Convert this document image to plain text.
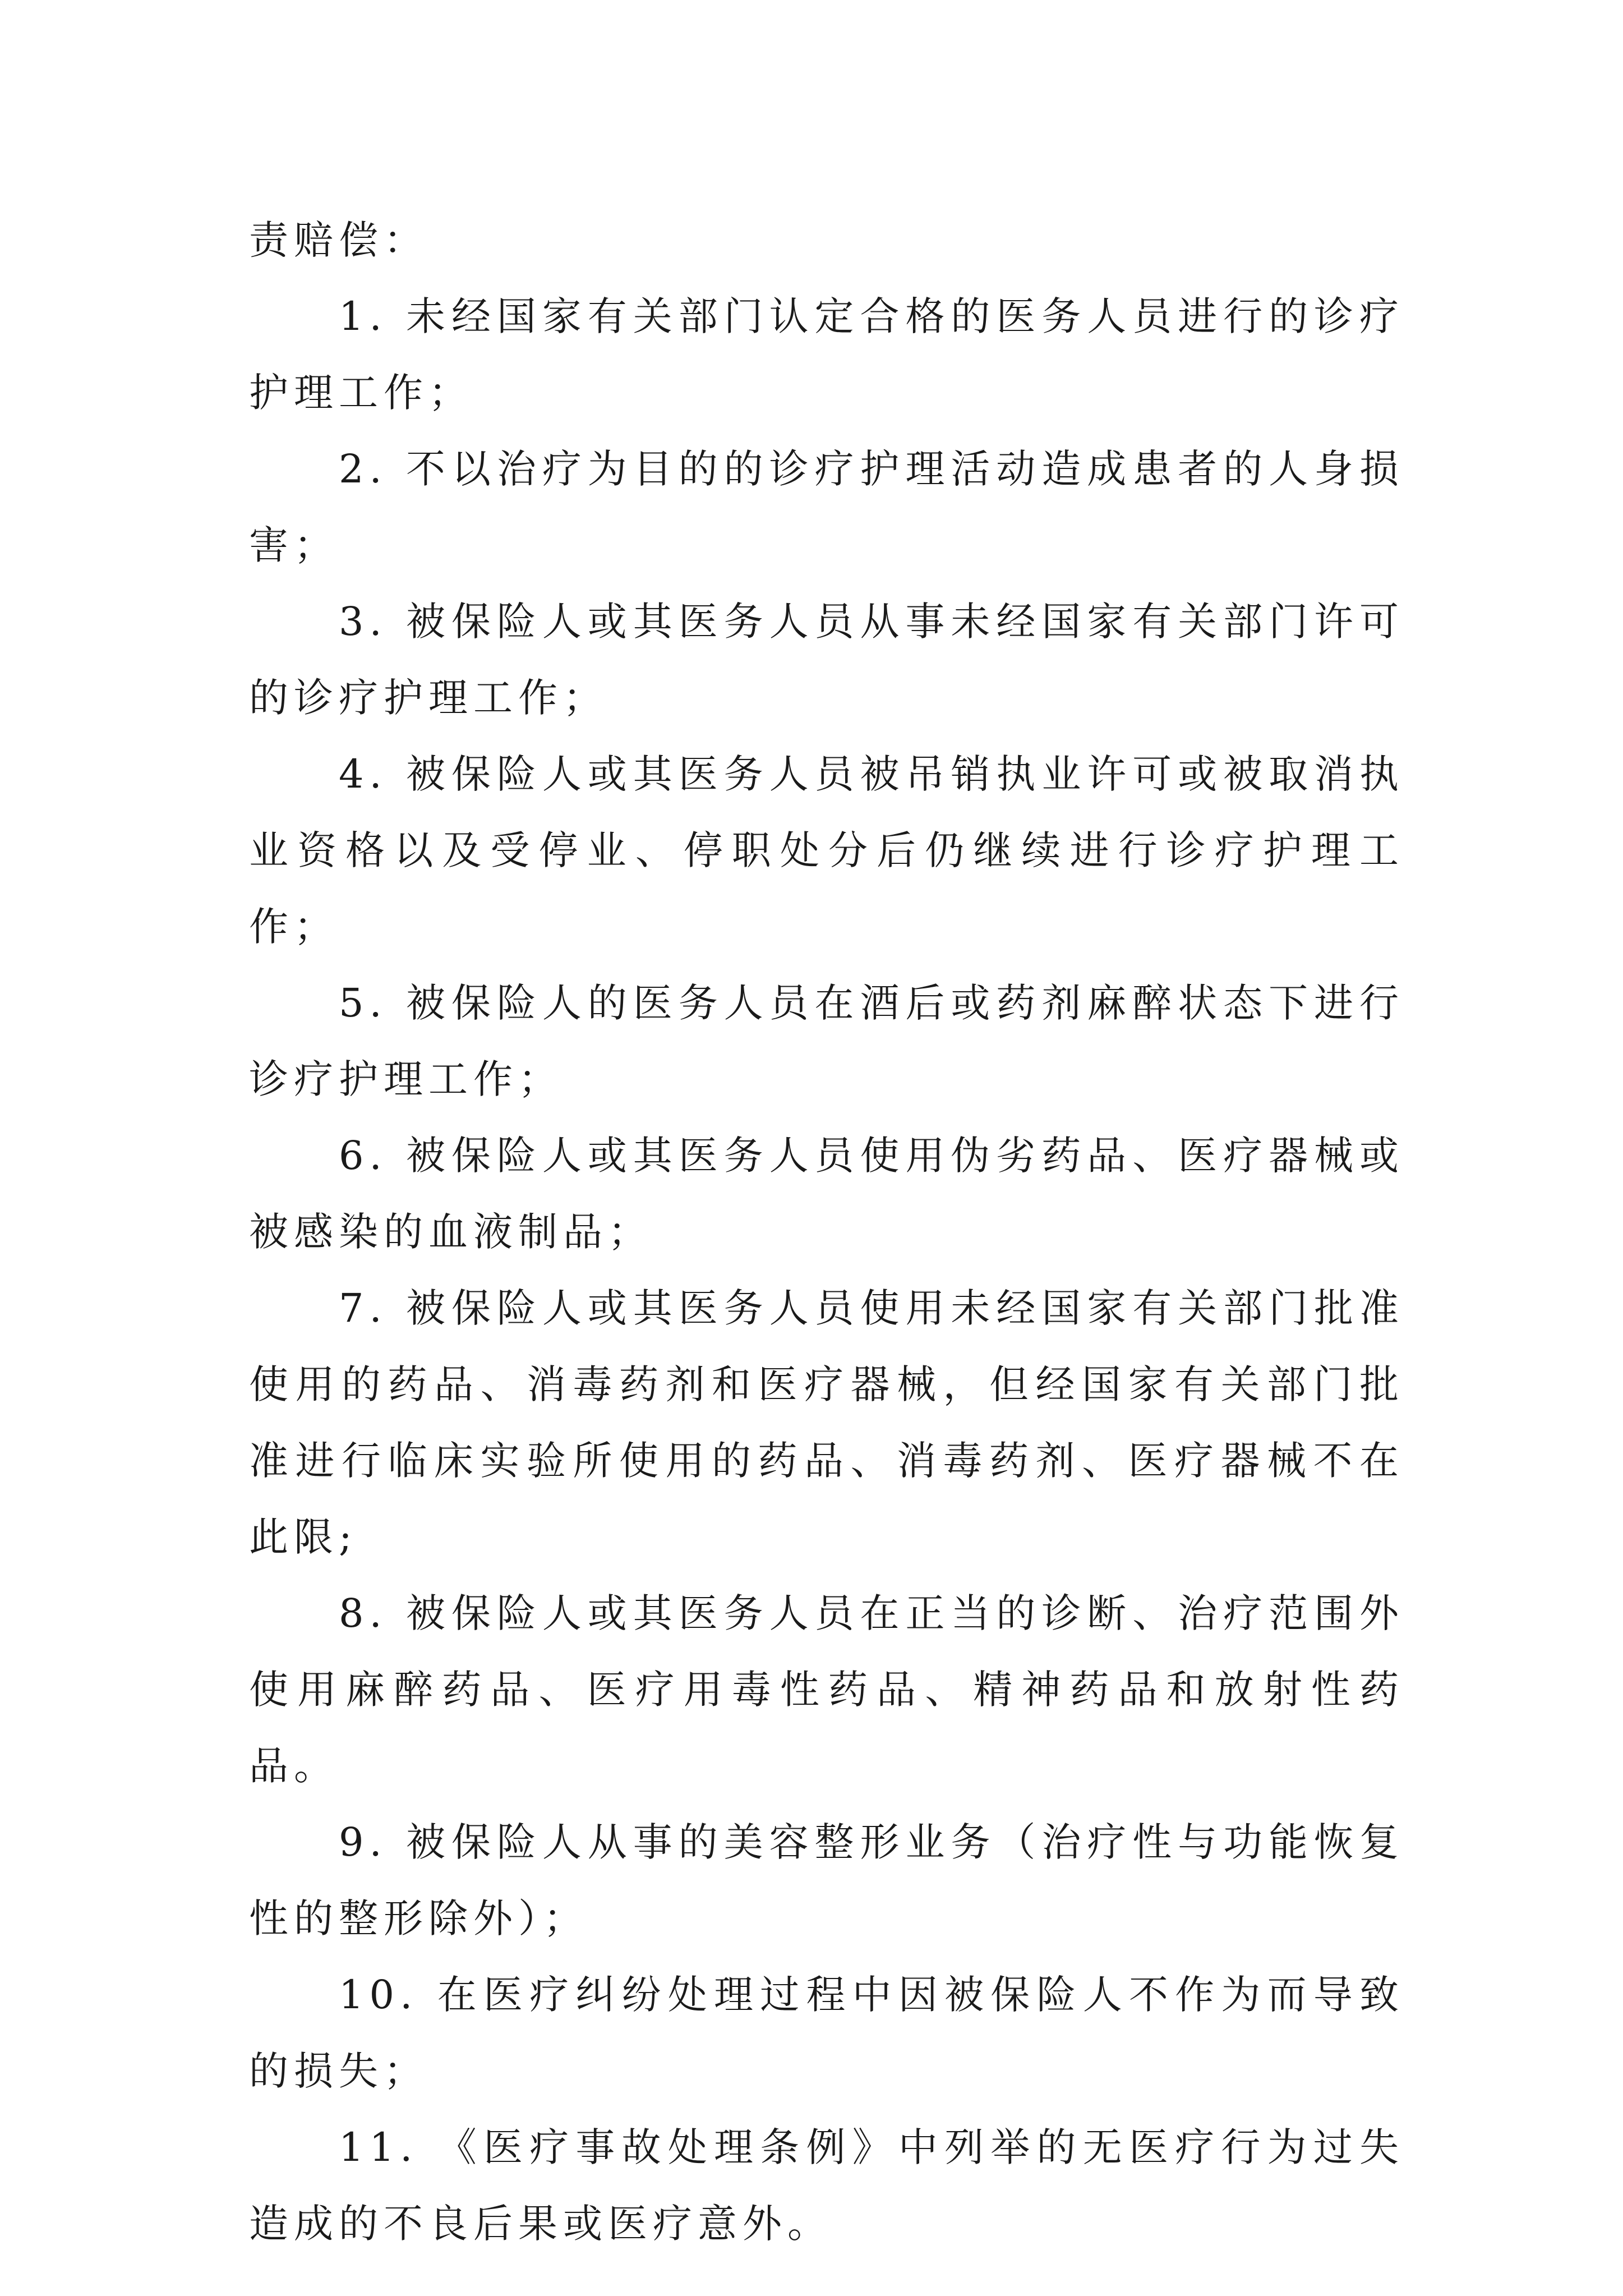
责赔偿：

1. 未经国家有关部门认定合格的医务人员进行的诊疗护理工作；

2. 不以治疗为目的的诊疗护理活动造成患者的人身损害；

3. 被保险人或其医务人员从事未经国家有关部门许可的诊疗护理工作；

4. 被保险人或其医务人员被吊销执业许可或被取消执业资格以及受停业、停职处分后仍继续进行诊疗护理工作；

5. 被保险人的医务人员在酒后或药剂麻醉状态下进行诊疗护理工作；

6. 被保险人或其医务人员使用伪劣药品、医疗器械或被感染的血液制品；

7. 被保险人或其医务人员使用未经国家有关部门批准使用的药品、消毒药剂和医疗器械，但经国家有关部门批准进行临床实验所使用的药品、消毒药剂、医疗器械不在此限;

8. 被保险人或其医务人员在正当的诊断、治疗范围外使用麻醉药品、医疗用毒性药品、精神药品和放射性药品。

9. 被保险人从事的美容整形业务（治疗性与功能恢复性的整形除外）；

10. 在医疗纠纷处理过程中因被保险人不作为而导致的损失；

11. 《医疗事故处理条例》中列举的无医疗行为过失造成的不良后果或医疗意外。
